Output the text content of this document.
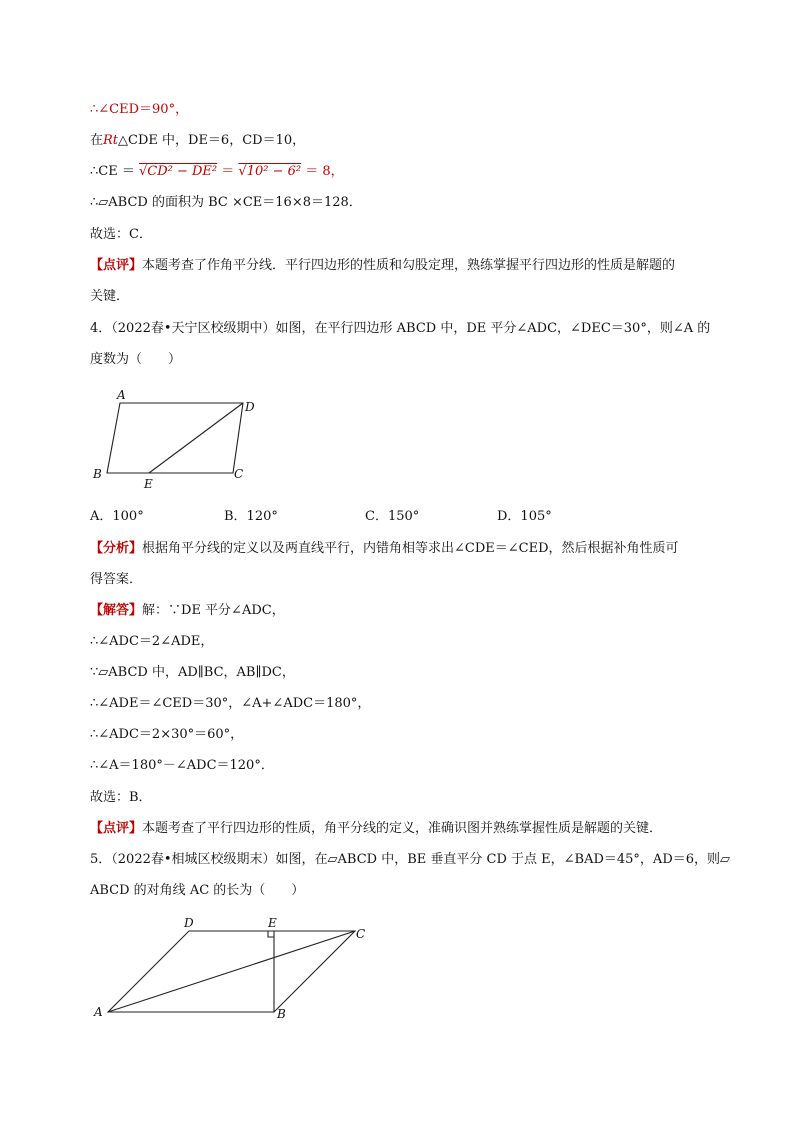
∴∠CED＝90°，
在Rt△CDE 中，DE＝6，CD＝10，
∴CE ＝ √CD² − DE² ＝ √10² − 6² ＝ 8，
∴▱ABCD 的面积为 BC ×CE＝16×8＝128．
故选：C．
【点评】本题考查了作角平分线．平行四边形的性质和勾股定理，熟练掌握平行四边形的性质是解题的
关键．
4．（2022春•天宁区校级期中）如图，在平行四边形 ABCD 中，DE 平分∠ADC，∠DEC＝30°，则∠A 的
度数为（　　）
A
D
B	C
E
A．100°	B．120°	C．150°	D．105°
【分析】根据角平分线的定义以及两直线平行，内错角相等求出∠CDE＝∠CED，然后根据补角性质可
得答案．
【解答】解：∵DE 平分∠ADC，
∴∠ADC＝2∠ADE，
∵▱ABCD 中，AD∥BC，AB∥DC，
∴∠ADE＝∠CED＝30°，∠A+∠ADC＝180°，
∴∠ADC＝2×30°＝60°，
∴∠A＝180°－∠ADC＝120°．
故选：B．
【点评】本题考查了平行四边形的性质，角平分线的定义，准确识图并熟练掌握性质是解题的关键．
5．（2022春•相城区校级期末）如图，在▱ABCD 中，BE 垂直平分 CD 于点 E，∠BAD＝45°，AD＝6，则▱
ABCD 的对角线 AC 的长为（　　）
D	E
C
A	B
